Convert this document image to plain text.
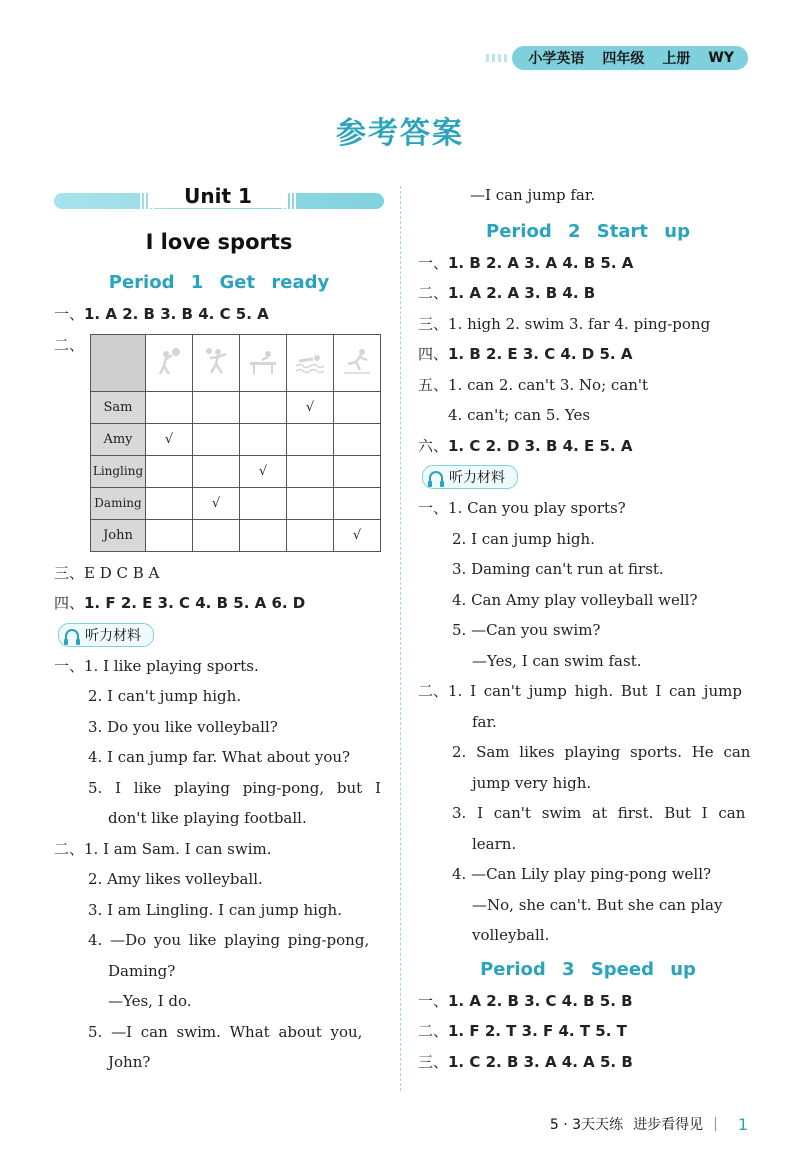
小学英语 四年级 上册 WY
参考答案
Unit 1
I love sports
Period 1 Get ready
一、1. A 2. B 3. B 4. C 5. A
二、

Sam				√	
Amy	√				
Lingling			√		
Daming		√			
John					√
三、E D C B A
四、1. F 2. E 3. C 4. B 5. A 6. D
听力材料
一、1. I like playing sports.
2. I can't jump high.
3. Do you like volleyball?
4. I can jump far. What about you?
5. I like playing ping-pong, but I
don't like playing football.
二、1. I am Sam. I can swim.
2. Amy likes volleyball.
3. I am Lingling. I can jump high.
4. —Do you like playing ping-pong,
Daming?
—Yes, I do.
5. —I can swim. What about you,
John?
—I can jump far.
Period 2 Start up
一、1. B 2. A 3. A 4. B 5. A
二、1. A 2. A 3. B 4. B
三、1. high 2. swim 3. far 4. ping-pong
四、1. B 2. E 3. C 4. D 5. A
五、1. can 2. can't 3. No; can't
4. can't; can 5. Yes
六、1. C 2. D 3. B 4. E 5. A
听力材料
一、1. Can you play sports?
2. I can jump high.
3. Daming can't run at first.
4. Can Amy play volleyball well?
5. —Can you swim?
—Yes, I can swim fast.
二、1. I can't jump high. But I can jump
far.
2. Sam likes playing sports. He can
jump very high.
3. I can't swim at first. But I can
learn.
4. —Can Lily play ping-pong well?
—No, she can't. But she can play
volleyball.
Period 3 Speed up
一、1. A 2. B 3. C 4. B 5. B
二、1. F 2. T 3. F 4. T 5. T
三、1. C 2. B 3. A 4. A 5. B
5 · 3天天练 进步看得见 | 1
